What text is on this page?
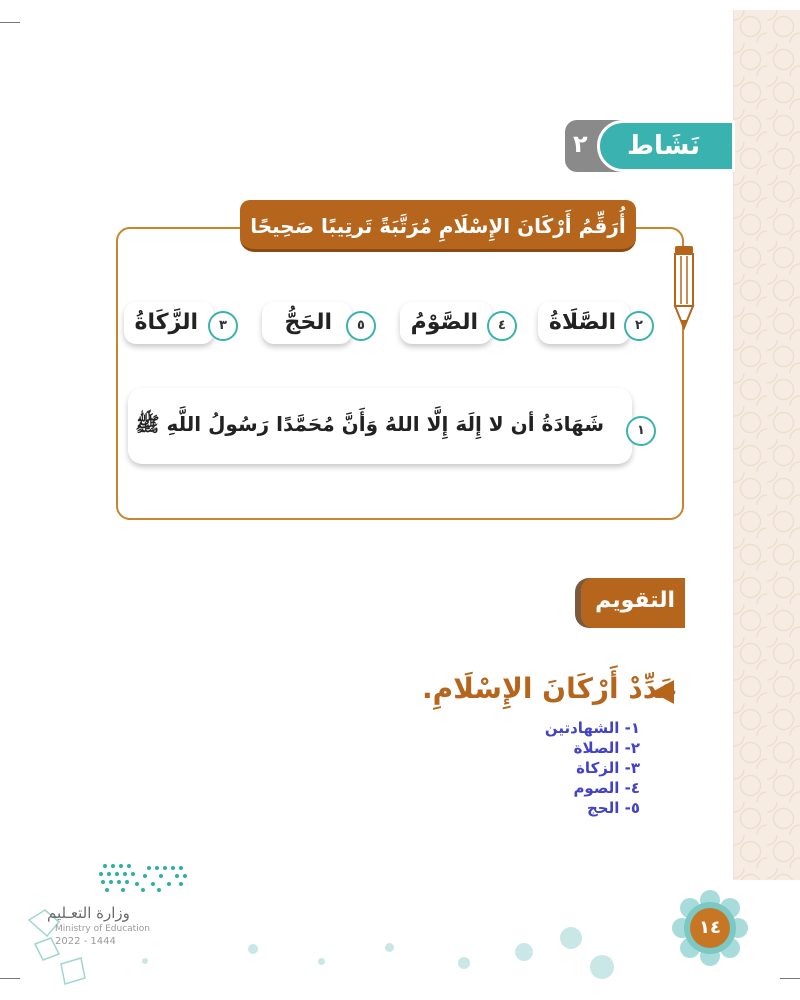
٢ نَشَاط
أُرَقِّمُ أَرْكَانَ الإِسْلَامِ مُرَتَّبَةً تَرتِيبًا صَحِيحًا
الصَّلَاةُ	٢
الصَّوْمُ	٤
الحَجُّ	٥
الزَّكَاةُ	٣
شَهَادَةُ أن لا إِلَهَ إِلَّا اللهُ وَأَنَّ مُحَمَّدًا رَسُولُ اللَّهِ ﷺ	١
التقويم
عَدِّدْ أَرْكَانَ الإِسْلَامِ.
١- الشهادتين
٢- الصلاة
٣- الزكاة
٤- الصوم
٥- الحج
١٤
وزارة التعـليم
Ministry of Education
2022 - 1444
